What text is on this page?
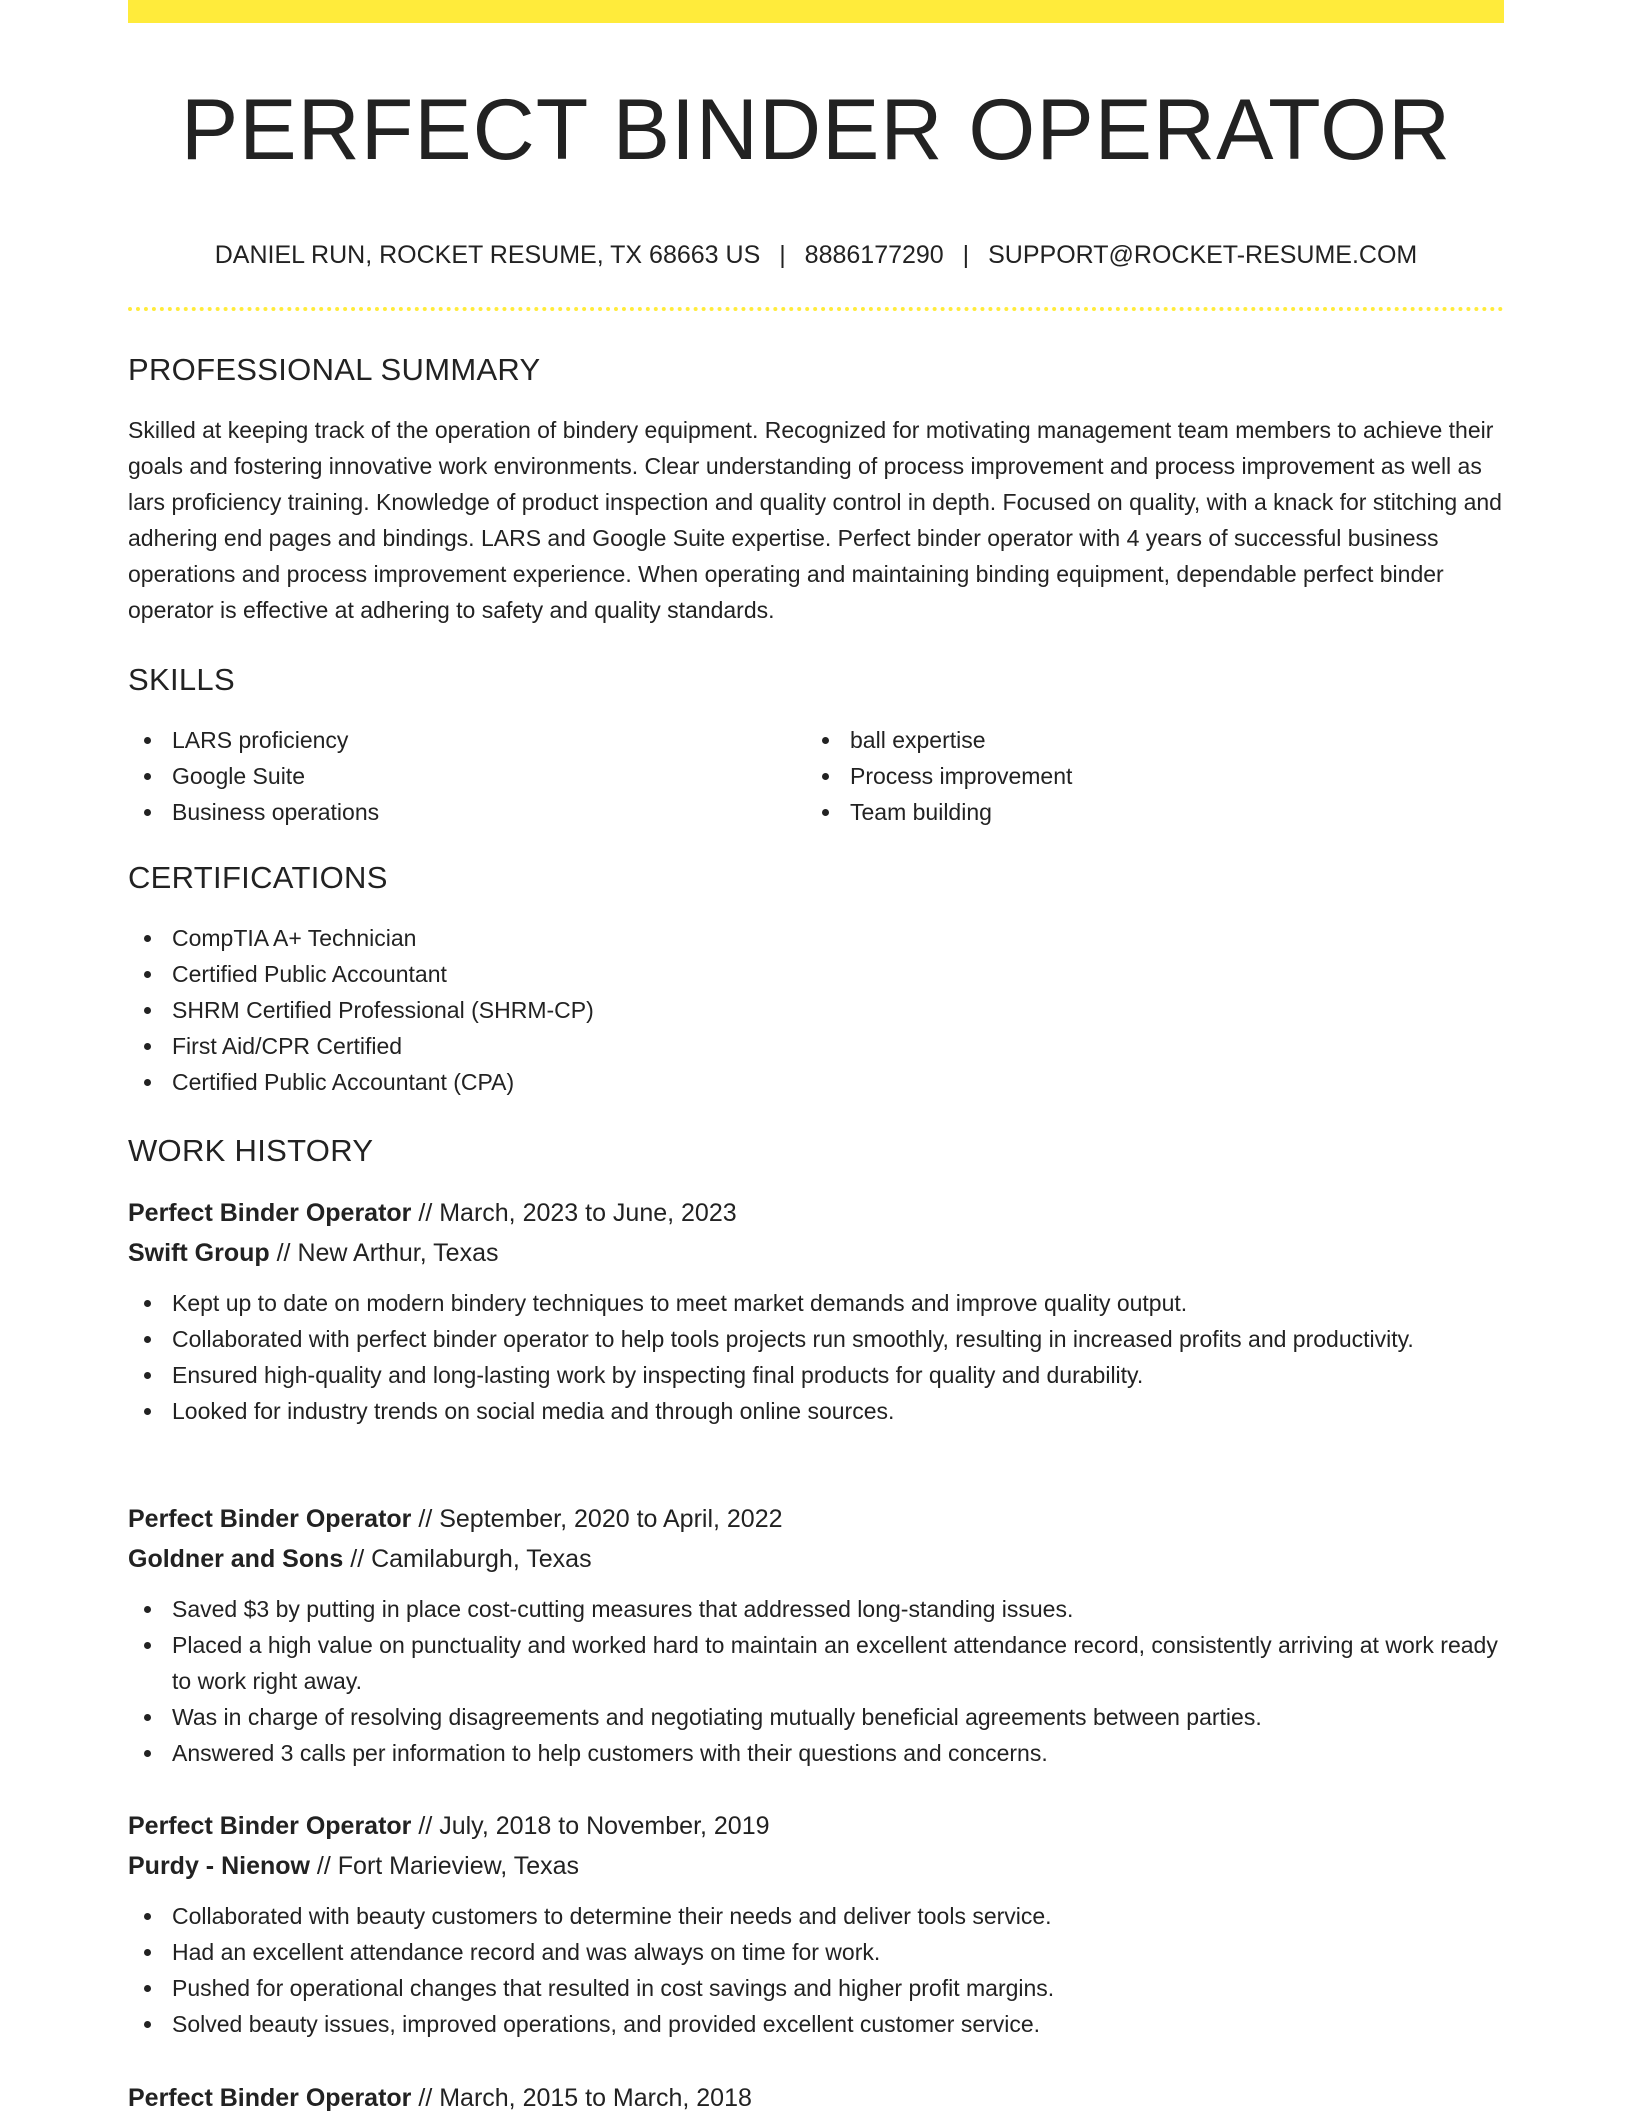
PERFECT BINDER OPERATOR
DANIEL RUN, ROCKET RESUME, TX 68663 US | 8886177290 | SUPPORT@ROCKET-RESUME.COM
PROFESSIONAL SUMMARY

Skilled at keeping track of the operation of bindery equipment. Recognized for motivating management team members to achieve their goals and fostering innovative work environments. Clear understanding of process improvement and process improvement as well as lars proficiency training. Knowledge of product inspection and quality control in depth. Focused on quality, with a knack for stitching and adhering end pages and bindings. LARS and Google Suite expertise. Perfect binder operator with 4 years of successful business operations and process improvement experience. When operating and maintaining binding equipment, dependable perfect binder operator is effective at adhering to safety and quality standards.

SKILLS
LARS proficiency
Google Suite
Business operations
ball expertise
Process improvement
Team building
CERTIFICATIONS
CompTIA A+ Technician
Certified Public Accountant
SHRM Certified Professional (SHRM-CP)
First Aid/CPR Certified
Certified Public Accountant (CPA)
WORK HISTORY
Perfect Binder Operator // March, 2023 to June, 2023
Swift Group // New Arthur, Texas
Kept up to date on modern bindery techniques to meet market demands and improve quality output.
Collaborated with perfect binder operator to help tools projects run smoothly, resulting in increased profits and productivity.
Ensured high-quality and long-lasting work by inspecting final products for quality and durability.
Looked for industry trends on social media and through online sources.
Perfect Binder Operator // September, 2020 to April, 2022
Goldner and Sons // Camilaburgh, Texas
Saved $3 by putting in place cost-cutting measures that addressed long-standing issues.
Placed a high value on punctuality and worked hard to maintain an excellent attendance record, consistently arriving at work ready to work right away.
Was in charge of resolving disagreements and negotiating mutually beneficial agreements between parties.
Answered 3 calls per information to help customers with their questions and concerns.
Perfect Binder Operator // July, 2018 to November, 2019
Purdy - Nienow // Fort Marieview, Texas
Collaborated with beauty customers to determine their needs and deliver tools service.
Had an excellent attendance record and was always on time for work.
Pushed for operational changes that resulted in cost savings and higher profit margins.
Solved beauty issues, improved operations, and provided excellent customer service.
Perfect Binder Operator // March, 2015 to March, 2018
